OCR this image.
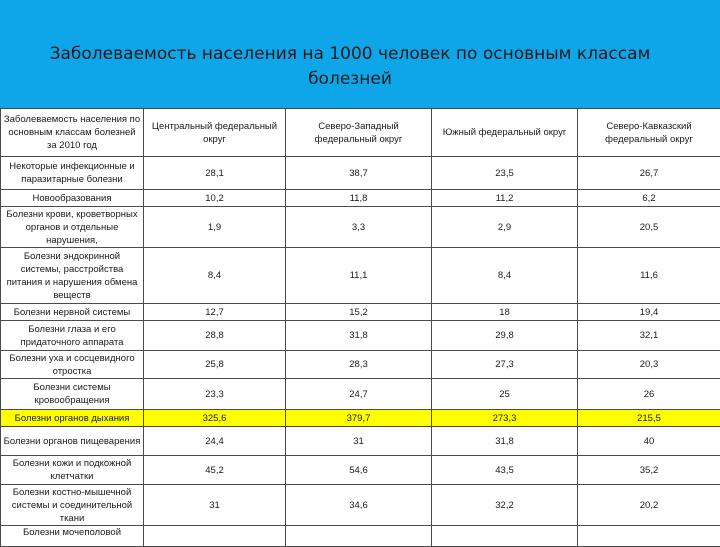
Заболеваемость населения на 1000 человек по основным классам болезней
Заболеваемость населения по основным классам болезней за 2010 год	Центральный федеральный округ	Северо-Западный федеральный округ	Южный федеральный округ	Северо-Кавказский федеральный округ
Некоторые инфекционные и паразитарные болезни	28,1	38,7	23,5	26,7
Новообразования	10,2	11,8	11,2	6,2
Болезни крови, кроветворных органов и отдельные нарушения,	1,9	3,3	2,9	20,5
Болезни эндокринной системы, расстройства питания и нарушения обмена веществ	8,4	11,1	8,4	11,6
Болезни нервной системы	12,7	15,2	18	19,4
Болезни глаза и его придаточного аппарата	28,8	31,8	29,8	32,1
Болезни уха и сосцевидного отростка	25,8	28,3	27,3	20,3
Болезни системы кровообращения	23,3	24,7	25	26
Болезни органов дыхания	325,6	379,7	273,3	215,5
Болезни органов пищеварения	24,4	31	31,8	40
Болезни кожи и подкожной клетчатки	45,2	54,6	43,5	35,2
Болезни костно-мышечной системы и соединительной ткани	31	34,6	32,2	20,2
Болезни мочеполовой				
